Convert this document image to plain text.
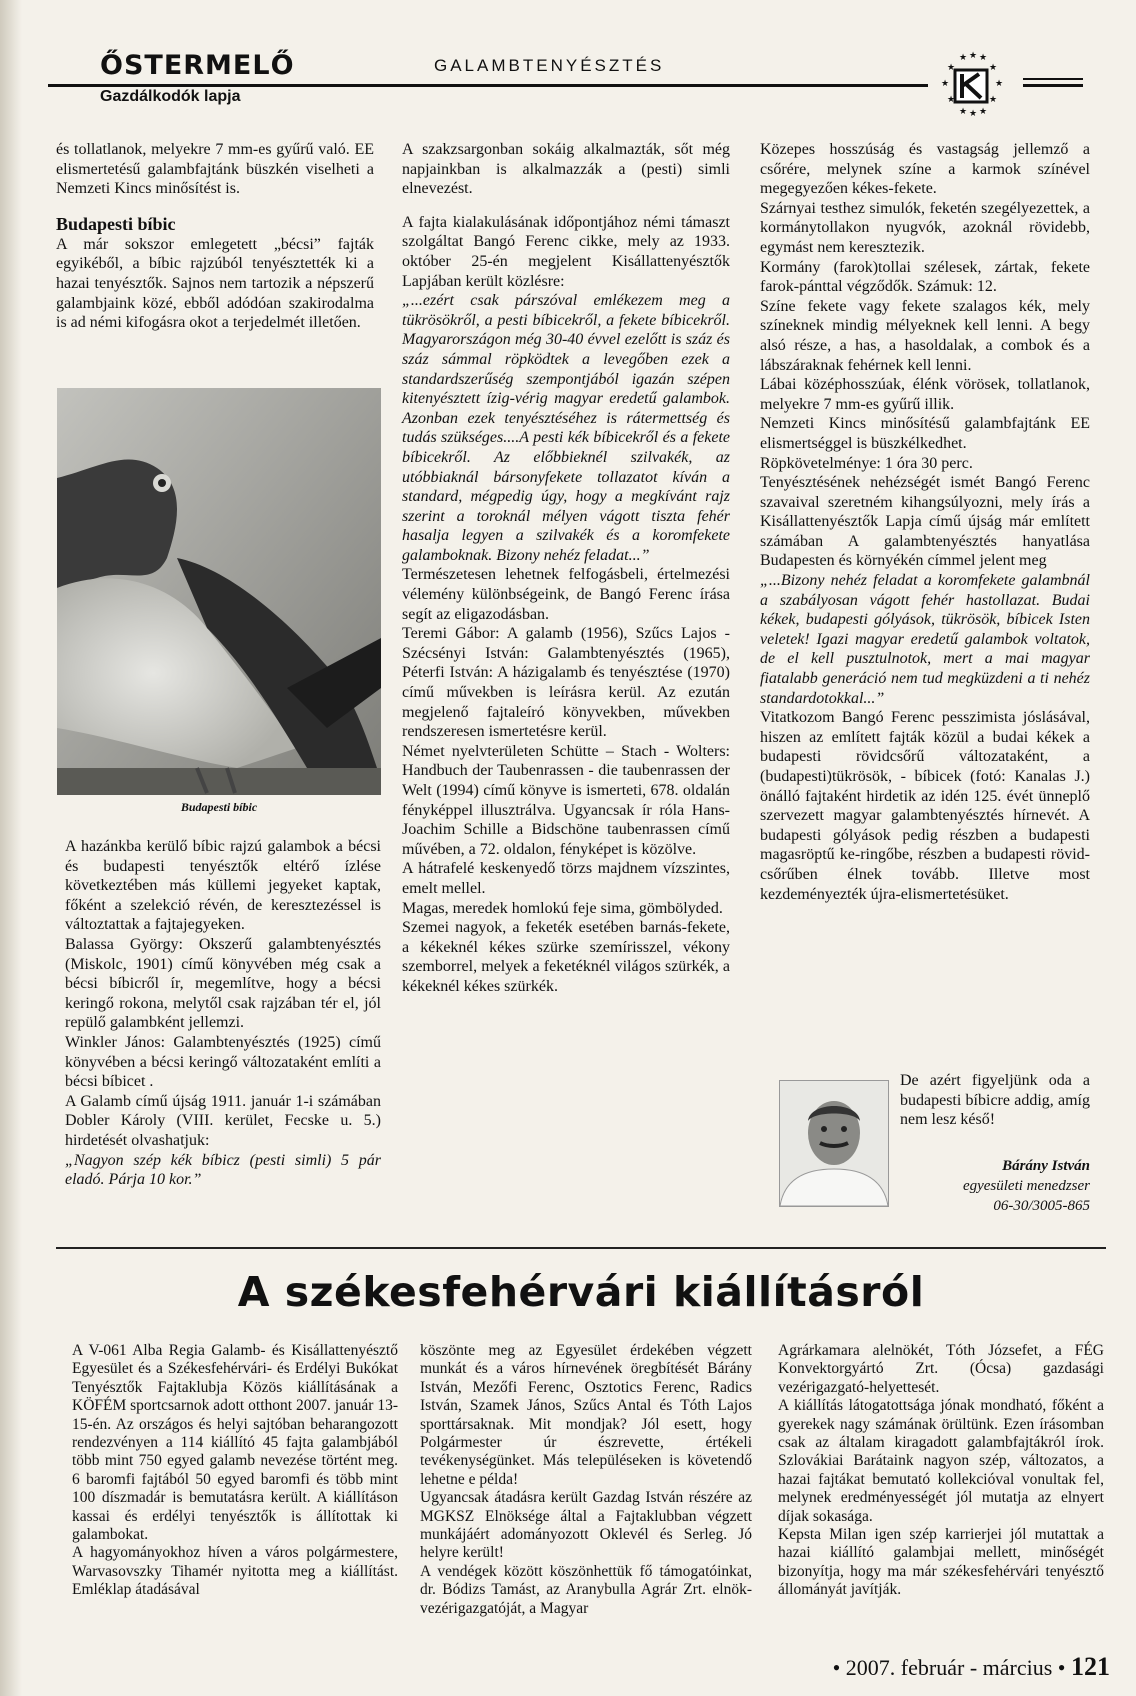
ŐSTERMELŐ
Gazdálkodók lapja
GALAMBTENYÉSZTÉS	★ ★ ★
★	★
★	★
★	★
★ ★ ★

és tollatlanok, melyekre 7 mm-es gyűrű való. EE elismertetésű galambfajtánk büszkén viselheti a Nemzeti Kincs minősítést is.

Budapesti bíbic

A már sokszor emlegetett „bécsi” fajták egyikéből, a bíbic rajzúból tenyésztették ki a hazai tenyésztők. Sajnos nem tartozik a népszerű galambjaink közé, ebből adódóan szakirodalma is ad némi kifogásra okot a terjedelmét illetően.

Budapesti bíbic

A hazánkba kerülő bíbic rajzú galambok a bécsi és budapesti tenyésztők eltérő ízlése következtében más küllemi jegyeket kaptak, főként a szelekció révén, de keresztezéssel is változtattak a fajtajegyeken.

Balassa György: Okszerű galambtenyésztés (Miskolc, 1901) című könyvében még csak a bécsi bíbicről ír, megemlítve, hogy a bécsi keringő rokona, melytől csak rajzában tér el, jól repülő galambként jellemzi.

Winkler János: Galambtenyésztés (1925) című könyvében a bécsi keringő változataként említi a bécsi bíbicet .

A Galamb című újság 1911. január 1-i számában Dobler Károly (VIII. kerület, Fecske u. 5.) hirdetését olvashatjuk:

„Nagyon szép kék bíbicz (pesti simli) 5 pár eladó. Párja 10 kor.”

A szakzsargonban sokáig alkalmazták, sőt még napjainkban is alkalmazzák a (pesti) simli elnevezést.

A fajta kialakulásának időpontjához némi támaszt szolgáltat Bangó Ferenc cikke, mely az 1933. október 25-én megjelent Kisállattenyésztők Lapjában került közlésre:

„...ezért csak párszóval emlékezem meg a tükrösökről, a pesti bíbicekről, a fekete bíbicekről. Magyarországon még 30-40 évvel ezelőtt is száz és száz sámmal röpködtek a levegőben ezek a standardszerűség szempontjából igazán szépen kitenyésztett ízig-vérig magyar eredetű galambok. Azonban ezek tenyésztéséhez is rátermettség és tudás szükséges....A pesti kék bíbicekről és a fekete bíbicekről. Az előbbieknél szilvakék, az utóbbiaknál bársonyfekete tollazatot kíván a standard, mégpedig úgy, hogy a megkívánt rajz szerint a toroknál mélyen vágott tiszta fehér hasalja legyen a szilvakék és a koromfekete galamboknak. Bizony nehéz feladat...”

Természetesen lehetnek felfogásbeli, értelmezési vélemény különbségeink, de Bangó Ferenc írása segít az eligazodásban.

Teremi Gábor: A galamb (1956), Szűcs Lajos - Szécsényi István: Galambtenyésztés (1965), Péterfi István: A házigalamb és tenyésztése (1970) című művekben is leírásra kerül. Az ezután megjelenő fajtaleíró könyvekben, művekben rendszeresen ismertetésre kerül.

Német nyelvterületen Schütte – Stach - Wolters: Handbuch der Taubenrassen - die taubenrassen der Welt (1994) című könyve is ismerteti, 678. oldalán fényképpel illusztrálva. Ugyancsak ír róla Hans-Joachim Schille a Bidschöne taubenrassen című művében, a 72. oldalon, fényképet is közölve.

A hátrafelé keskenyedő törzs majdnem vízszintes, emelt mellel.

Magas, meredek homlokú feje sima, gömbölyded.

Szemei nagyok, a feketék esetében barnás-fekete, a kékeknél kékes szürke szemírisszel, vékony szemborrel, melyek a feketéknél világos szürkék, a kékeknél kékes szürkék.

Közepes hosszúság és vastagság jellemző a csőrére, melynek színe a karmok színével megegyezően kékes-fekete.

Szárnyai testhez simulók, feketén szegélyezettek, a kormánytollakon nyugvók, azoknál rövidebb, egymást nem keresztezik.

Kormány (farok)tollai szélesek, zártak, fekete farok-pánttal végződők. Számuk: 12.

Színe fekete vagy fekete szalagos kék, mely színeknek mindig mélyeknek kell lenni. A begy alsó része, a has, a hasoldalak, a combok és a lábszáraknak fehérnek kell lenni.

Lábai középhosszúak, élénk vörösek, tollatlanok, melyekre 7 mm-es gyűrű illik.

Nemzeti Kincs minősítésű galambfajtánk EE elismertséggel is büszkélkedhet.

Röpkövetelménye: 1 óra 30 perc.

Tenyésztésének nehézségét ismét Bangó Ferenc szavaival szeretném kihangsúlyozni, mely írás a Kisállattenyésztők Lapja című újság már említett számában A galambtenyésztés hanyatlása Budapesten és környékén címmel jelent meg

„...Bizony nehéz feladat a koromfekete galambnál a szabályosan vágott fehér hastollazat. Budai kékek, budapesti gólyások, tükrösök, bíbicek Isten veletek! Igazi magyar eredetű galambok voltatok, de el kell pusztulnotok, mert a mai magyar fiatalabb generáció nem tud megküzdeni a ti nehéz standardotokkal...”

Vitatkozom Bangó Ferenc pesszimista jóslásával, hiszen az említett fajták közül a budai kékek a budapesti rövidcsőrű változataként, a (budapesti)tükrösök, - bíbicek (fotó: Kanalas J.) önálló fajtaként hirdetik az idén 125. évét ünneplő szervezett magyar galambtenyésztés hírnevét. A budapesti gólyások pedig részben a budapesti magasröptű ke-ringőbe, részben a budapesti rövid-csőrűben élnek tovább. Illetve most kezdeményezték újra-elismertetésüket.

De azért figyeljünk oda a budapesti bíbicre addig, amíg nem lesz késő!

Bárány István
egyesületi menedzser
06-30/3005-865
A székesfehérvári kiállításról

A V-061 Alba Regia Galamb- és Kisállattenyésztő Egyesület és a Székesfehérvári- és Erdélyi Bukókat Tenyésztők Fajtaklubja Közös kiállításának a KÖFÉM sportcsarnok adott otthont 2007. január 13-15-én. Az országos és helyi sajtóban beharangozott rendezvényen a 114 kiállító 45 fajta galambjából több mint 750 egyed galamb nevezése történt meg. 6 baromfi fajtából 50 egyed baromfi és több mint 100 díszmadár is bemutatásra került. A kiállításon kassai és erdélyi tenyésztők is állítottak ki galambokat.

A hagyományokhoz híven a város polgármestere, Warvasovszky Tihamér nyitotta meg a kiállítást. Emléklap átadásával

köszönte meg az Egyesület érdekében végzett munkát és a város hírnevének öregbítését Bárány István, Mezőfi Ferenc, Osztotics Ferenc, Radics István, Szamek János, Szűcs Antal és Tóth Lajos sporttársaknak. Mit mondjak? Jól esett, hogy Polgármester úr észrevette, értékeli tevékenységünket. Más településeken is követendő lehetne e példa!

Ugyancsak átadásra került Gazdag István részére az MGKSZ Elnöksége által a Fajtaklubban végzett munkájáért adományozott Oklevél és Serleg. Jó helyre került!

A vendégek között köszönhettük fő támogatóinkat, dr. Bódizs Tamást, az Aranybulla Agrár Zrt. elnök-vezérigazgatóját, a Magyar

Agrárkamara alelnökét, Tóth Józsefet, a FÉG Konvektorgyártó Zrt. (Ócsa) gazdasági vezérigazgató-helyettesét.

A kiállítás látogatottsága jónak mondható, főként a gyerekek nagy számának örültünk. Ezen írásomban csak az általam kiragadott galambfajtákról írok. Szlovákiai Barátaink nagyon szép, változatos, a hazai fajtákat bemutató kollekcióval vonultak fel, melynek eredményességét jól mutatja az elnyert díjak sokasága.

Kepsta Milan igen szép karrierjei jól mutattak a hazai kiállító galambjai mellett, minőségét bizonyítja, hogy ma már székesfehérvári tenyésztő állományát javítják.

• 2007. február - március • 121
